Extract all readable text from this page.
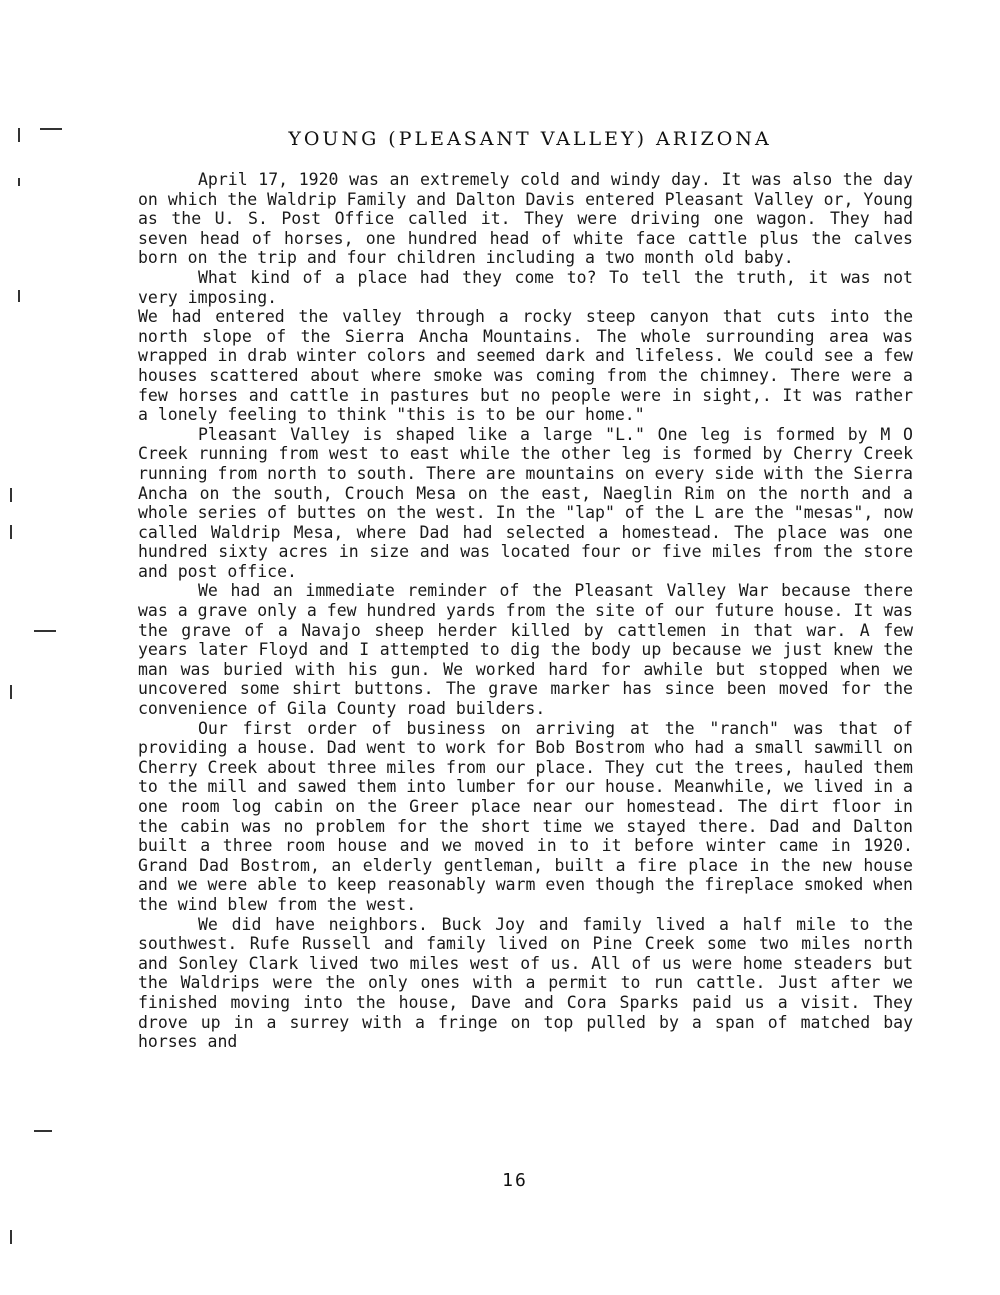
YOUNG (PLEASANT VALLEY) ARIZONA

April 17, 1920 was an extremely cold and windy day. It was also the day on which the Waldrip Family and Dalton Davis entered Pleasant Valley or, Young as the U. S. Post Office called it. They were driving one wagon. They had seven head of horses, one hundred head of white face cattle plus the calves born on the trip and four children including a two month old baby.

What kind of a place had they come to? To tell the truth, it was not very imposing.

We had entered the valley through a rocky steep canyon that cuts into the north slope of the Sierra Ancha Mountains. The whole surrounding area was wrapped in drab winter colors and seemed dark and lifeless. We could see a few houses scattered about where smoke was coming from the chimney. There were a few horses and cattle in pastures but no people were in sight,. It was rather a lonely feeling to think "this is to be our home."

Pleasant Valley is shaped like a large "L." One leg is formed by M O Creek running from west to east while the other leg is formed by Cherry Creek running from north to south. There are mountains on every side with the Sierra Ancha on the south, Crouch Mesa on the east, Naeglin Rim on the north and a whole series of buttes on the west. In the "lap" of the L are the "mesas", now called Waldrip Mesa, where Dad had selected a homestead. The place was one hundred sixty acres in size and was located four or five miles from the store and post office.

We had an immediate reminder of the Pleasant Valley War because there was a grave only a few hundred yards from the site of our future house. It was the grave of a Navajo sheep herder killed by cattlemen in that war. A few years later Floyd and I attempted to dig the body up because we just knew the man was buried with his gun. We worked hard for awhile but stopped when we uncovered some shirt buttons. The grave marker has since been moved for the convenience of Gila County road builders.

Our first order of business on arriving at the "ranch" was that of providing a house. Dad went to work for Bob Bostrom who had a small sawmill on Cherry Creek about three miles from our place. They cut the trees, hauled them to the mill and sawed them into lumber for our house. Meanwhile, we lived in a one room log cabin on the Greer place near our homestead. The dirt floor in the cabin was no problem for the short time we stayed there. Dad and Dalton built a three room house and we moved in to it before winter came in 1920. Grand Dad Bostrom, an elderly gentleman, built a fire place in the new house and we were able to keep reasonably warm even though the fireplace smoked when the wind blew from the west.

We did have neighbors. Buck Joy and family lived a half mile to the southwest. Rufe Russell and family lived on Pine Creek some two miles north and Sonley Clark lived two miles west of us. All of us were home steaders but the Waldrips were the only ones with a permit to run cattle. Just after we finished moving into the house, Dave and Cora Sparks paid us a visit. They drove up in a surrey with a fringe on top pulled by a span of matched bay horses and

16
